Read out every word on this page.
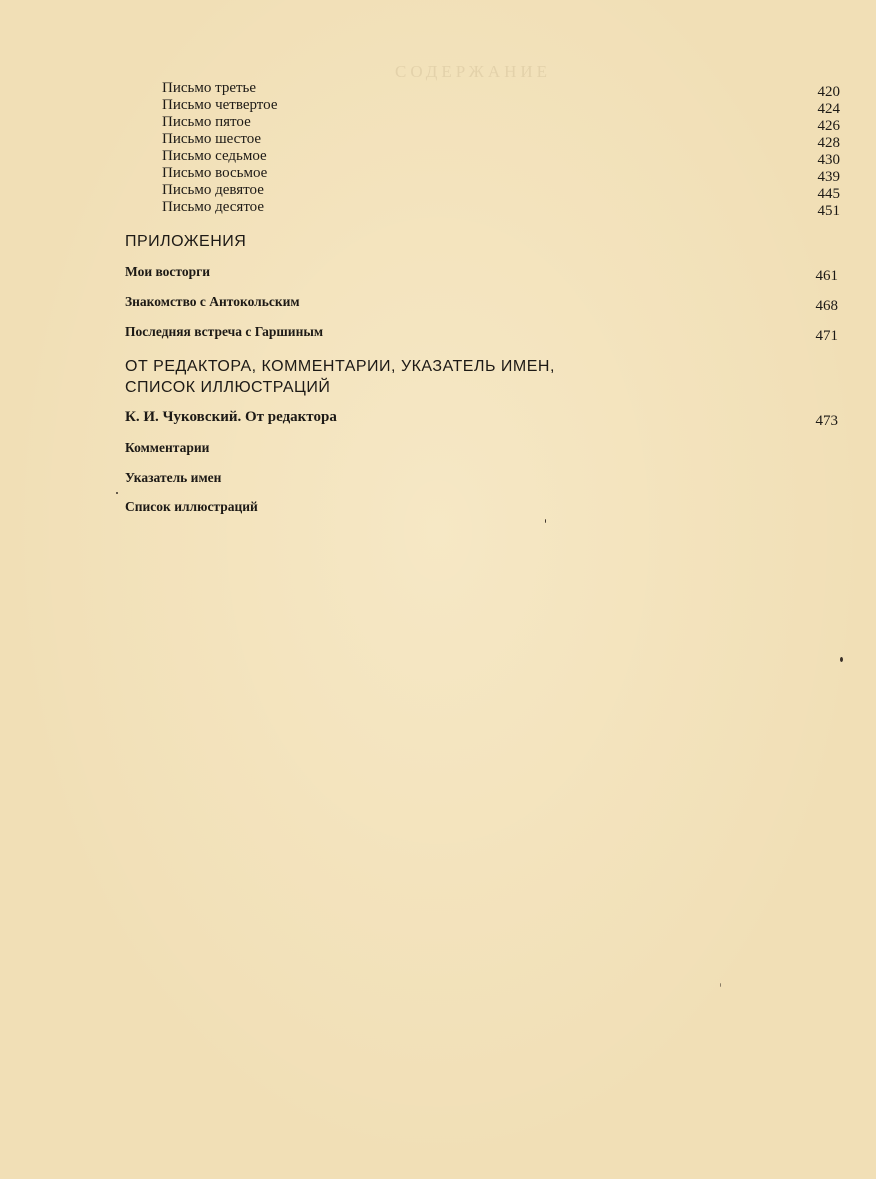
СОДЕРЖАНИЕ
Письмо третье	420
Письмо четвертое	424
Письмо пятое	426
Письмо шестое	428
Письмо седьмое	430
Письмо восьмое	439
Письмо девятое	445
Письмо десятое	451
ПРИЛОЖЕНИЯ
Мои восторги	461
Знакомство с Антокольским	468
Последняя встреча с Гаршиным	471
ОТ РЕДАКТОРА, КОММЕНТАРИИ, УКАЗАТЕЛЬ ИМЕН,
СПИСОК ИЛЛЮСТРАЦИЙ
К. И. Чуковский. От редактора	473
Комментарии
Указатель имен
Список иллюстраций
